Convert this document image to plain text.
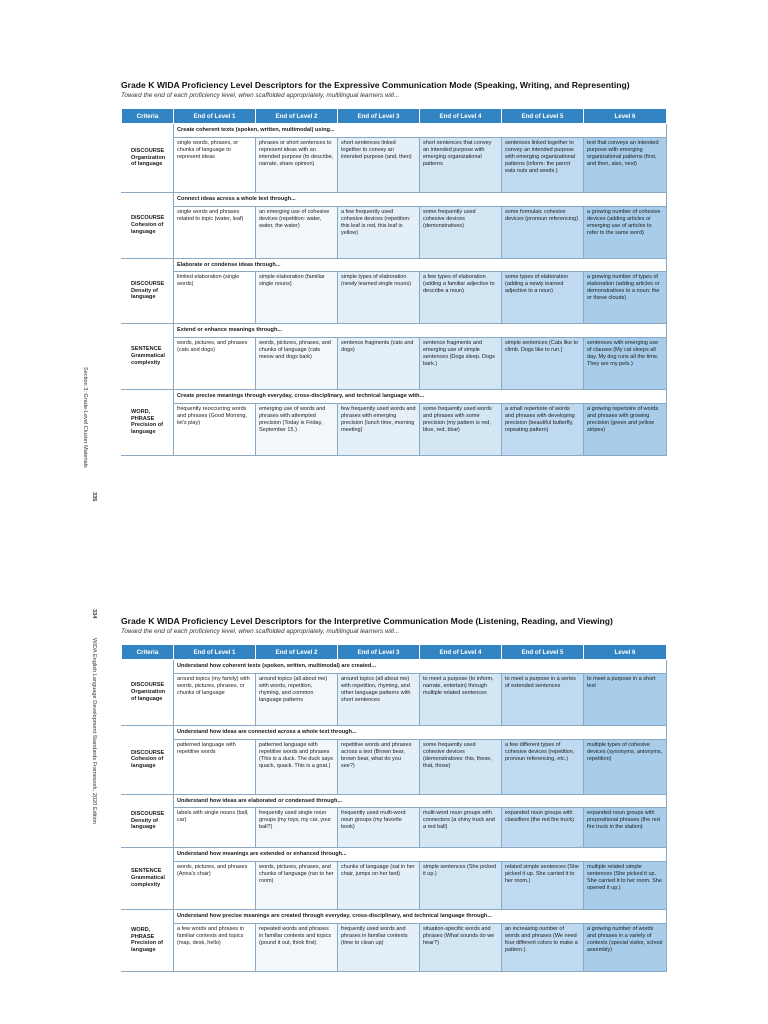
Grade K WIDA Proficiency Level Descriptors for the Expressive Communication Mode (Speaking, Writing, and Representing)
Toward the end of each proficiency level, when scaffolded appropriately, multilingual learners will...
Criteria	End of Level 1	End of Level 2	End of Level 3	End of Level 4	End of Level 5	Level 6

DISCOURSE
Organization
of language	Create coherent texts (spoken, written, multimodal) using...					
	single words, phrases, or chunks of language to represent ideas	phrases or short sentences to represent ideas with an intended purpose (to describe, narrate, share opinion)	short sentences linked together to convey an intended purpose (and, then)	short sentences that convey an intended purpose with emerging organizational patterns	sentences linked together to convey an intended purpose with emerging organizational patterns (inform: the parrot eats nuts and seeds.)	text that conveys an intended purpose with emerging organizational patterns (first, and then, also, next)

DISCOURSE
Cohesion of
language	Connect ideas across a whole text through...					
	single words and phrases related to topic (water, leaf)	an emerging use of cohesive devices (repetition: water, water, the water)	a few frequently used cohesive devices (repetition: this leaf is red, this leaf is yellow)	some frequently used cohesive devices (demonstratives)	some formulaic cohesive devices (pronoun referencing)	a growing number of cohesive devices (adding articles or emerging use of articles to refer to the same word)

DISCOURSE
Density of
language	Elaborate or condense ideas through...					
	limited elaboration (single words)	simple elaboration (familiar single nouns)	simple types of elaboration (newly learned single nouns)	a few types of elaboration (adding a familiar adjective to describe a noun)	some types of elaboration (adding a newly learned adjective to a noun)	a growing number of types of elaboration (adding articles or demonstratives to a noun: the or these clouds)

SENTENCE
Grammatical
complexity	Extend or enhance meanings through...					
	words, pictures, and phrases (cats and dogs)	words, pictures, phrases, and chunks of language (cats meow and dogs bark)	sentence fragments (cats and dogs)	sentence fragments and emerging use of simple sentences (Dogs sleep. Dogs bark.)	simple sentences (Cats like to climb. Dogs like to run.)	sentences with emerging use of clauses (My cat sleeps all day. My dog runs all the time. They are my pets.)

WORD,
PHRASE
Precision of
language	Create precise meanings through everyday, cross-disciplinary, and technical language with...					
	frequently reoccurring words and phrases (Good Morning, let's play)	emerging use of words and phrases with attempted precision (Today is Friday, September 15.)	few frequently used words and phrases with emerging precision (lunch time, morning meeting)	some frequently used words and phrases with some precision (my pattern is red, blue, red, blue)	a small repertoire of words and phrases with developing precision (beautiful butterfly, repeating pattern)	a growing repertoire of words and phrases with growing precision (green and yellow stripes)
Grade K WIDA Proficiency Level Descriptors for the Interpretive Communication Mode (Listening, Reading, and Viewing)
Toward the end of each proficiency level, when scaffolded appropriately, multilingual learners will...
Criteria	End of Level 1	End of Level 2	End of Level 3	End of Level 4	End of Level 5	Level 6

DISCOURSE
Organization
of language	Understand how coherent texts (spoken, written, multimodal) are created...					
	around topics (my family) with words, pictures, phrases, or chunks of language	around topics (all about me) with words, repetition, rhyming, and common language patterns	around topics (all about me) with repetition, rhyming, and other language patterns with short sentences	to meet a purpose (to inform, narrate, entertain) through multiple related sentences	to meet a purpose in a series of extended sentences	to meet a purpose in a short text

DISCOURSE
Cohesion of
language	Understand how ideas are connected across a whole text through...					
	patterned language with repetitive words	patterned language with repetitive words and phrases (This is a duck. The duck says quack, quack. This is a goat.)	repetitive words and phrases across a text (Brown bear, brown bear, what do you see?)	some frequently used cohesive devices (demonstratives: this, these, that, those)	a few different types of cohesive devices (repetition, pronoun referencing, etc.)	multiple types of cohesive devices (synonyms, antonyms, repetition)

DISCOURSE
Density of
language	Understand how ideas are elaborated or condensed through...					
	labels with single nouns (ball, car)	frequently used single noun groups (my toys, my car, your ball?)	frequently used multi-word noun groups (my favorite book)	multi-word noun groups with connectors (a shiny truck and a red ball)	expanded noun groups with classifiers (the red fire truck)	expanded noun groups with prepositional phrases (the red fire truck in the station)

SENTENCE
Grammatical
complexity	Understand how meanings are extended or enhanced through...					
	words, pictures, and phrases (Anna's chair)	words, pictures, phrases, and chunks of language (ran to her room)	chunks of language (sat in her chair, jumps on her bed)	simple sentences (She picked it up.)	related simple sentences (She picked it up. She carried it to her room.)	multiple related simple sentences (She picked it up. She carried it to her room. She opened it up.)

WORD,
PHRASE
Precision of
language	Understand how precise meanings are created through everyday, cross-disciplinary, and technical language through...					
	a few words and phrases in familiar contexts and topics (map, desk, hello)	repeated words and phrases in familiar contexts and topics (pound it out, think first)	frequently used words and phrases in familiar contexts (time to clean up)	situation-specific words and phrases (What sounds do we hear?)	an increasing number of words and phrases (We need four different colors to make a pattern.)	a growing number of words and phrases in a variety of contexts (special visitor, school assembly)
Section 3: Grade-Level Cluster Materials
335
334
WIDA English Language Development Standards Framework, 2020 Edition
